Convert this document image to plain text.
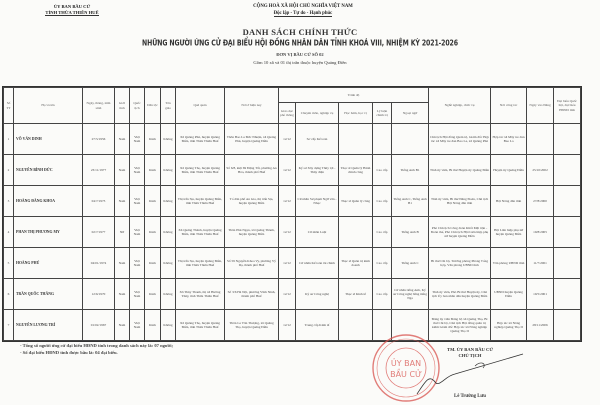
ỦY BAN BẦU CỬ
TỈNH THỪA THIÊN HUẾ
CỘNG HOÀ XÃ HỘI CHỦ NGHĨA VIỆT NAM
Độc lập - Tự do - Hạnh phúc
DANH SÁCH CHÍNH THỨC
NHỮNG NGƯỜI ỨNG CỬ ĐẠI BIỂU HỘI ĐỒNG NHÂN DÂN TỈNH KHOÁ VIII, NHIỆM KỲ 2021-2026
ĐƠN VỊ BẦU CỬ SỐ 02
Gồm 10 xã và 01 thị trấn thuộc huyện Quảng Điền
Số TT	Họ và tên	Ngày, tháng, năm sinh	Giới tính	Quốc tịch	Dân tộc	Tôn giáo	Quê quán	Nơi ở hiện nay	Trình độ					Nghề nghiệp, chức vụ	Nơi công tác	Ngày vào Đảng	Đại biểu Quốc hội, đại biểu HĐND tỉnh
									Giáo dục phổ thông	Chuyên môn, nghiệp vụ	Học hàm, học vị	Lý luận chính trị	Ngoại ngữ				
1	VÕ VĂN DINH	27/5/1956	Nam	Việt Nam	Kinh	Không	Xã Quảng Phú, huyện Quảng Điền, tỉnh Thừa Thiên Huế	Thôn Bao La Đức Nhuận, xã Quảng Phú, huyện Quảng Điền	12/12	Sơ cấp Kế toán				Chủ tịch Hội đồng Quản trị, Giám đốc Hợp tác xã Mây tre đan Bao La, xã Quảng Phú	Hợp tác xã Mây tre đan Bao La		
2	NGUYỄN BÌNH ĐỨC	23/11/1977	Nam	Việt Nam	Kinh	Không	Xã Quảng Thọ, huyện Quảng Điền, tỉnh Thừa Thiên Huế	Số 6/8, kiệt 69 Đặng Tất, phường An Hòa, thành phố Huế	12/12	Kỹ sư Xây dựng Thủy lợi - Thủy điện	Thạc sĩ Quản lý Hành chính công	Cao cấp	Tiếng Anh B1	Tỉnh ủy viên, Bí thư Huyện ủy Quảng Điền	Huyện ủy Quảng Điền	25/10/2002	
3	HOÀNG ĐĂNG KHOA	04/7/1973	Nam	Việt Nam	Kinh	Không	Thị trấn Sịa, huyện Quảng Điền, tỉnh Thừa Thiên Huế	Tổ dân phố An Gia, thị trấn Sịa, huyện Quảng Điền	12/12	Cử nhân Sư phạm Ngữ văn - Nhạc	Thạc sĩ Quản lý công	Cao cấp	Tiếng Anh C, Tiếng Anh B1	Tỉnh ủy viên, Bí thư Đảng Đoàn, Chủ tịch Hội Nông dân tỉnh	Hội Nông dân tỉnh	27/8/2000	
4	PHAN THỊ PHƯƠNG MY	02/7/1977	Nữ	Việt Nam	Kinh	Không	Xã Quảng Thành, huyện Quảng Điền, tỉnh Thừa Thiên Huế	Thôn Phú Ngạn, xã Quảng Thành, huyện Quảng Điền	12/12	Cử nhân Luật		Cao cấp	Tiếng Anh B	Phó Chủ tịch Công đoàn Khối Mặt trận - Đoàn thể, Phó Chủ tịch Hội Liên hiệp phụ nữ huyện Quảng Điền	Hội Liên hiệp phụ nữ huyện Quảng Điền	19/8/2005	
5	HOÀNG PHÚ	04/01/1974	Nam	Việt Nam	Kinh	Không	Thị trấn Sịa, huyện Quảng Điền, tỉnh Thừa Thiên Huế	Số 59 Nguyễn Khoa Vy, phường Vỹ Dạ, thành phố Huế	12/12	Cử nhân Kế toán tài chính	Thạc sĩ Quản trị kinh doanh	Cao cấp	Tiếng Anh C	Bí thư Chi bộ, Trưởng phòng Phòng Tổng hợp, Văn phòng UBND tỉnh	Văn phòng UBND tỉnh	11/7/2001	
6	TRẦN QUỐC THẮNG	12/6/1970	Nam	Việt Nam	Kinh	Không	Xã Thủy Thanh, thị xã Hương Thủy, tỉnh Thừa Thiên Huế	Số 3/6 Hà Nội, phường Vĩnh Ninh, thành phố Huế	12/12	Kỹ sư Công nghệ	Thạc sĩ Kinh tế	Cao cấp	Cử nhân tiếng Anh, Kỹ sư Công nghệ bằng tiếng Nga	Tỉnh ủy viên, Phó Bí thư Huyện ủy, Chủ tịch Ủy ban nhân dân huyện Quảng Điền	UBND huyện Quảng Điền	19/5/2001	
7	NGUYỄN LƯƠNG TRÍ	01/02/1967	Nam	Việt Nam	Kinh	Không	Xã Quảng Thọ, huyện Quảng Điền, tỉnh Thừa Thiên Huế	Thôn La Vân Thượng, xã Quảng Thọ, huyện Quảng Điền	12/12	Trung cấp Kinh tế				Đảng ủy viên Đảng bộ xã Quảng Thọ, Bí thư Chi bộ, Chủ tịch Hội đồng quản trị kiêm Giám đốc Hợp tác xã Nông nghiệp Quảng Thọ II	Hợp tác xã Nông nghiệp Quảng Thọ II	28/11/2006	
- Tổng số người ứng cử đại biểu HĐND tỉnh trong danh sách này là: 07 người;
- Số đại biểu HĐND tỉnh được bầu là: 04 đại biểu.
ỦY BAN
BẦU CỬ
TM. ỦY BAN BẦU CỬ
CHỦ TỊCH
Lê Trường Lưu
